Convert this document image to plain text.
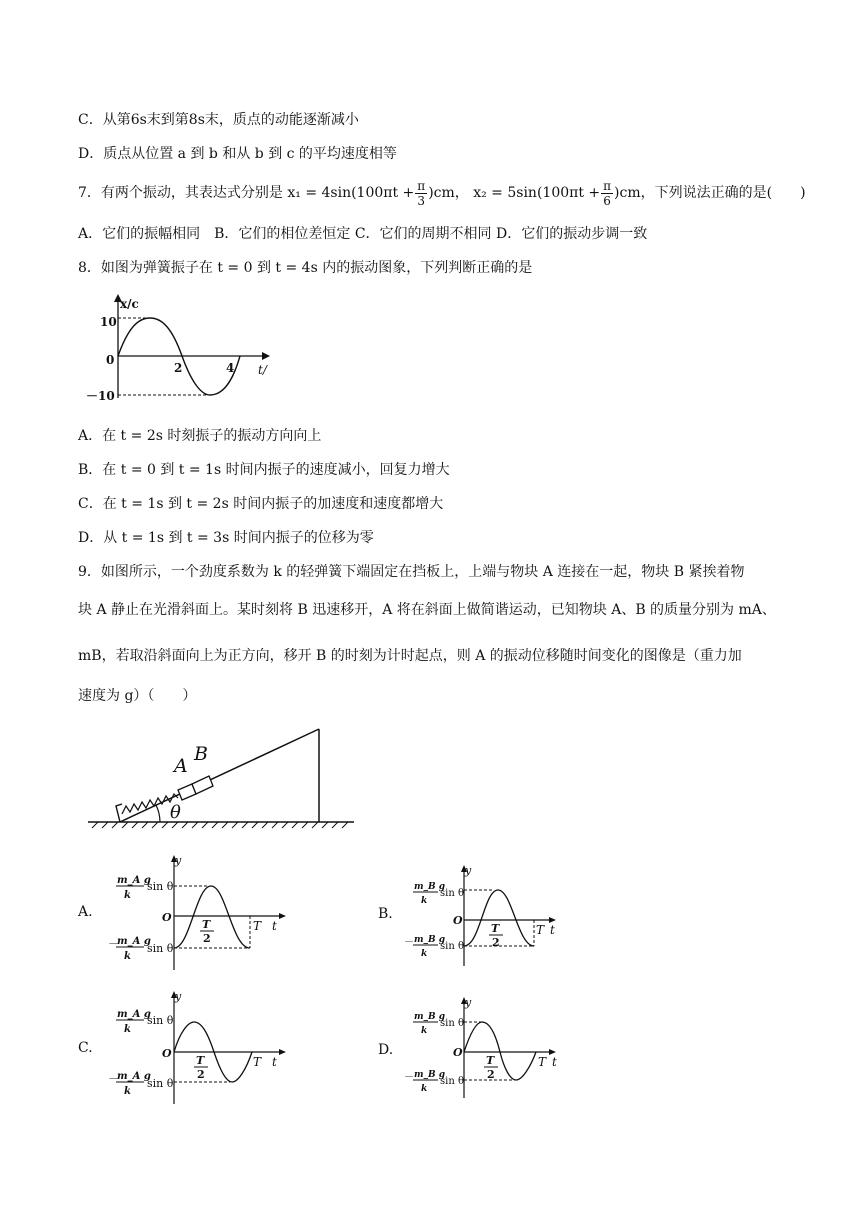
C．从第6s末到第8s末，质点的动能逐渐减小
D．质点从位置 a 到 b 和从 b 到 c 的平均速度相等
7．有两个振动，其表达式分别是 $x_1 = 4\sin(100\pi t + \frac{\pi}{3} )cm$， $x_2 = 5\sin(100\pi t + \frac{\pi}{6} )cm$，下列说法正确的是(　　)
A．它们的振幅相同　B．它们的相位差恒定 C．它们的周期不相同 D．它们的振动步调一致
8．如图为弹簧振子在 t = 0 到 t = 4s 内的振动图象，下列判断正确的是
x/c
t/
10
0
－10
2	4
A．在 t = 2s 时刻振子的振动方向向上
B．在 t = 0 到 t = 1s 时间内振子的速度减小，回复力增大
C．在 t = 1s 到 t = 2s 时间内振子的加速度和速度都增大
D．从 t = 1s 到 t = 3s 时间内振子的位移为零
9．如图所示，一个劲度系数为 k 的轻弹簧下端固定在挡板上，上端与物块 A 连接在一起，物块 B 紧挨着物
块 A 静止在光滑斜面上。某时刻将 B 迅速移开，A 将在斜面上做简谐运动，已知物块 A、B 的质量分别为 mA、
mB，若取沿斜面向上为正方向，移开 B 的时刻为计时起点，则 A 的振动位移随时间变化的图像是（重力加
速度为 g）（　　）
A
B
θ
A.
y
m_A g
k
sin θ
O
T
2
T t
－
m_A g
k
sin θ
B.
y
m_B g
k
sin θ
O
T
2
T t
－ m_B g
k
sin θ
C.
y
m_A g
k
sin θ
O
T
2
T t
－
m_A g
k
sin θ
D.
y
m_B g
k
sin θ
O
T
2
T t
－ m_B g
k
sin θ
